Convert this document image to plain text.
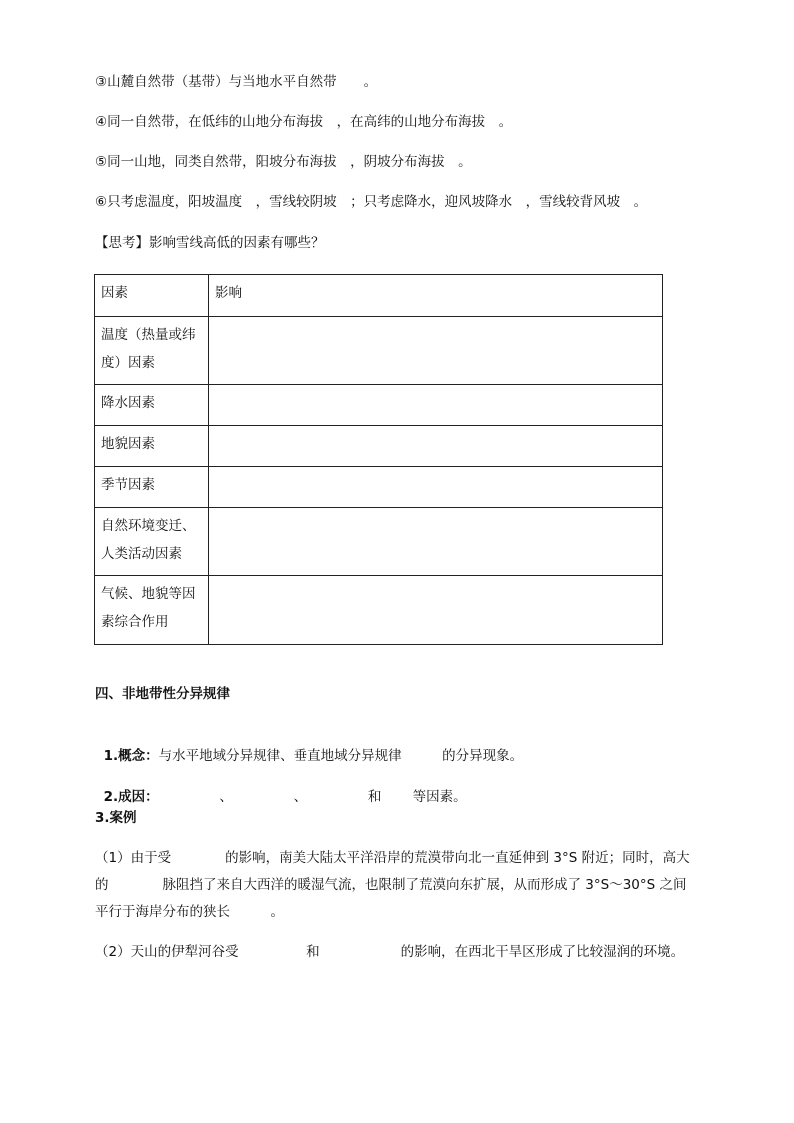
③山麓自然带（基带）与当地水平自然带　　。
④同一自然带，在低纬的山地分布海拔　，在高纬的山地分布海拔　。
⑤同一山地，同类自然带，阳坡分布海拔　，阴坡分布海拔　。
⑥只考虑温度，阳坡温度　，雪线较阴坡　；只考虑降水，迎风坡降水　，雪线较背风坡　。
【思考】影响雪线高低的因素有哪些？
因素	影响
温度（热量或纬度）因素	
降水因素	
地貌因素	
季节因素	
自然环境变迁、人类活动因素	
气候、地貌等因素综合作用	
四、非地带性分异规律

1.概念：与水平地域分异规律、垂直地域分异规律　　　的分异现象。

2.成因：　　　　　、　　　　　、　　　　　和　　 等因素。

3.案例
（1）由于受　　　　的影响，南美大陆太平洋沿岸的荒漠带向北一直延伸到 3°S 附近；同时，高大的　　　　脉阻挡了来自大西洋的暖湿气流，也限制了荒漠向东扩展，从而形成了 3°S～30°S 之间平行于海岸分布的狭长　　　。
（2）天山的伊犁河谷受　　　　　和　　　　　　的影响，在西北干旱区形成了比较湿润的环境。
